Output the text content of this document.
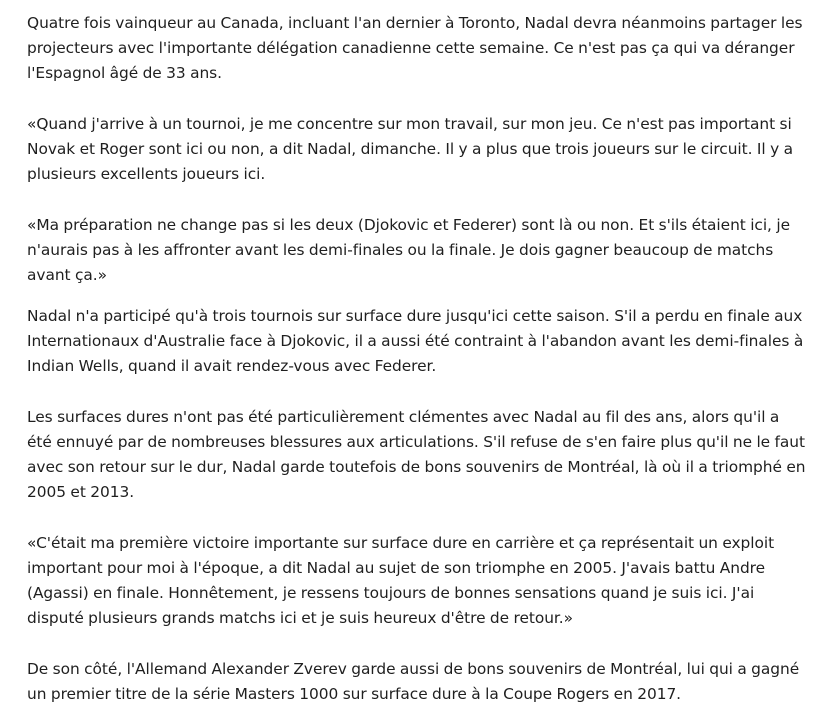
Quatre fois vainqueur au Canada, incluant l'an dernier à Toronto, Nadal devra néanmoins partager les projecteurs avec l'importante délégation canadienne cette semaine. Ce n'est pas ça qui va déranger l'Espagnol âgé de 33 ans.

«Quand j'arrive à un tournoi, je me concentre sur mon travail, sur mon jeu. Ce n'est pas important si Novak et Roger sont ici ou non, a dit Nadal, dimanche. Il y a plus que trois joueurs sur le circuit. Il y a plusieurs excellents joueurs ici.

«Ma préparation ne change pas si les deux (Djokovic et Federer) sont là ou non. Et s'ils étaient ici, je n'aurais pas à les affronter avant les demi-finales ou la finale. Je dois gagner beaucoup de matchs avant ça.»

Nadal n'a participé qu'à trois tournois sur surface dure jusqu'ici cette saison. S'il a perdu en finale aux Internationaux d'Australie face à Djokovic, il a aussi été contraint à l'abandon avant les demi-finales à Indian Wells, quand il avait rendez-vous avec Federer.

Les surfaces dures n'ont pas été particulièrement clémentes avec Nadal au fil des ans, alors qu'il a été ennuyé par de nombreuses blessures aux articulations. S'il refuse de s'en faire plus qu'il ne le faut avec son retour sur le dur, Nadal garde toutefois de bons souvenirs de Montréal, là où il a triomphé en 2005 et 2013.

«C'était ma première victoire importante sur surface dure en carrière et ça représentait un exploit important pour moi à l'époque, a dit Nadal au sujet de son triomphe en 2005. J'avais battu Andre (Agassi) en finale. Honnêtement, je ressens toujours de bonnes sensations quand je suis ici. J'ai disputé plusieurs grands matchs ici et je suis heureux d'être de retour.»

De son côté, l'Allemand Alexander Zverev garde aussi de bons souvenirs de Montréal, lui qui a gagné un premier titre de la série Masters 1000 sur surface dure à la Coupe Rogers en 2017.
